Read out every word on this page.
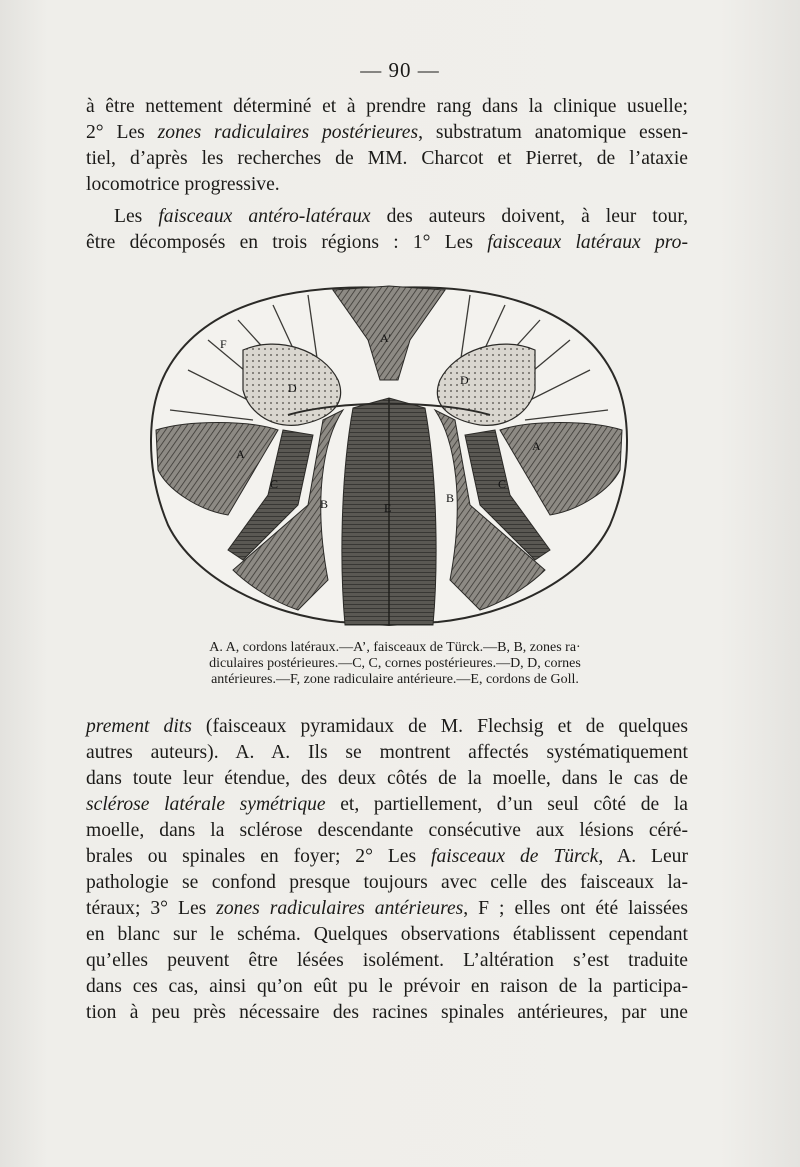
— 90 —
à être nettement déterminé et à prendre rang dans la clinique usuelle;
2° Les zones radiculaires postérieures, substratum anatomique essen-
tiel, d’après les recherches de MM. Charcot et Pierret, de l’ataxie
locomotrice progressive.
Les faisceaux antéro-latéraux des auteurs doivent, à leur tour,
être décomposés en trois régions : 1° Les faisceaux latéraux pro-
F	A'
D
D
A
A
C	C
B	B
E
A. A, cordons latéraux.—A’, faisceaux de Türck.—B, B, zones ra·
diculaires postérieures.—C, C, cornes postérieures.—D, D, cornes
antérieures.—F, zone radiculaire antérieure.—E, cordons de Goll.
prement dits (faisceaux pyramidaux de M. Flechsig et de quelques
autres auteurs). A. A. Ils se montrent affectés systématiquement
dans toute leur étendue, des deux côtés de la moelle, dans le cas de
sclérose latérale symétrique et, partiellement, d’un seul côté de la
moelle, dans la sclérose descendante consécutive aux lésions céré-
brales ou spinales en foyer; 2° Les faisceaux de Türck, A. Leur
pathologie se confond presque toujours avec celle des faisceaux la-
téraux; 3° Les zones radiculaires antérieures, F ; elles ont été laissées
en blanc sur le schéma. Quelques observations établissent cependant
qu’elles peuvent être lésées isolément. L’altération s’est traduite
dans ces cas, ainsi qu’on eût pu le prévoir en raison de la participa-
tion à peu près nécessaire des racines spinales antérieures, par une
